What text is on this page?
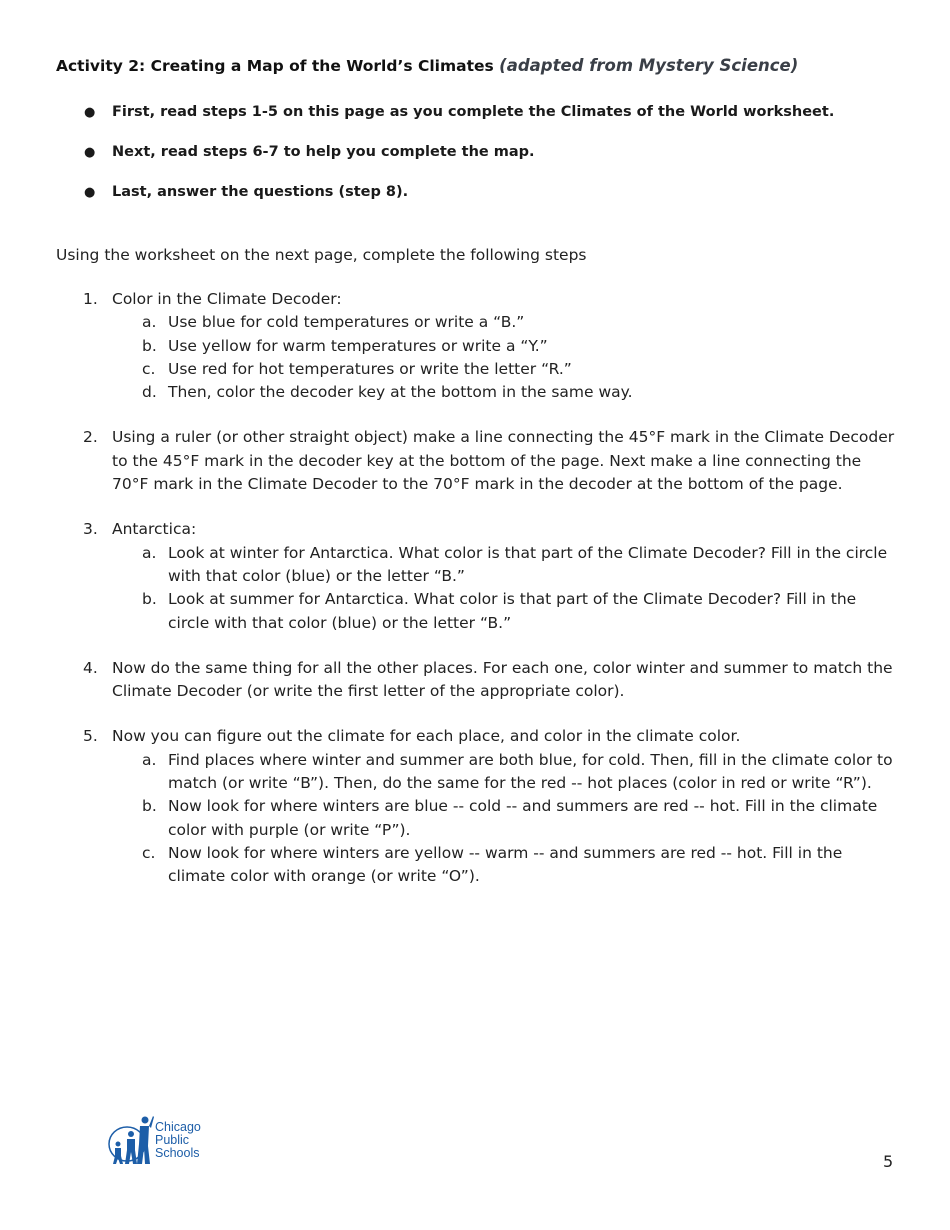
Activity 2: Creating a Map of the World’s Climates (adapted from Mystery Science)
● First, read steps 1-5 on this page as you complete the Climates of the World worksheet.
● Next, read steps 6-7 to help you complete the map.
● Last, answer the questions (step 8).
Using the worksheet on the next page, complete the following steps
1. Color in the Climate Decoder:
a. Use blue for cold temperatures or write a “B.”
b. Use yellow for warm temperatures or write a “Y.”
c. Use red for hot temperatures or write the letter “R.”
d. Then, color the decoder key at the bottom in the same way.
2. Using a ruler (or other straight object) make a line connecting the 45°F mark in the Climate Decoder to the 45°F mark in the decoder key at the bottom of the page. Next make a line connecting the 70°F mark in the Climate Decoder to the 70°F mark in the decoder at the bottom of the page.
3. Antarctica:
a. Look at winter for Antarctica. What color is that part of the Climate Decoder? Fill in the circle with that color (blue) or the letter “B.”
b. Look at summer for Antarctica. What color is that part of the Climate Decoder? Fill in the circle with that color (blue) or the letter “B.”
4. Now do the same thing for all the other places. For each one, color winter and summer to match the Climate Decoder (or write the first letter of the appropriate color).
5. Now you can figure out the climate for each place, and color in the climate color.
a. Find places where winter and summer are both blue, for cold. Then, fill in the climate color to match (or write “B”). Then, do the same for the red -- hot places (color in red or write “R”).
b. Now look for where winters are blue -- cold -- and summers are red -- hot. Fill in the climate color with purple (or write “P”).
c. Now look for where winters are yellow -- warm -- and summers are red -- hot. Fill in the climate color with orange (or write “O”).
Chicago
Public
Schools	5
